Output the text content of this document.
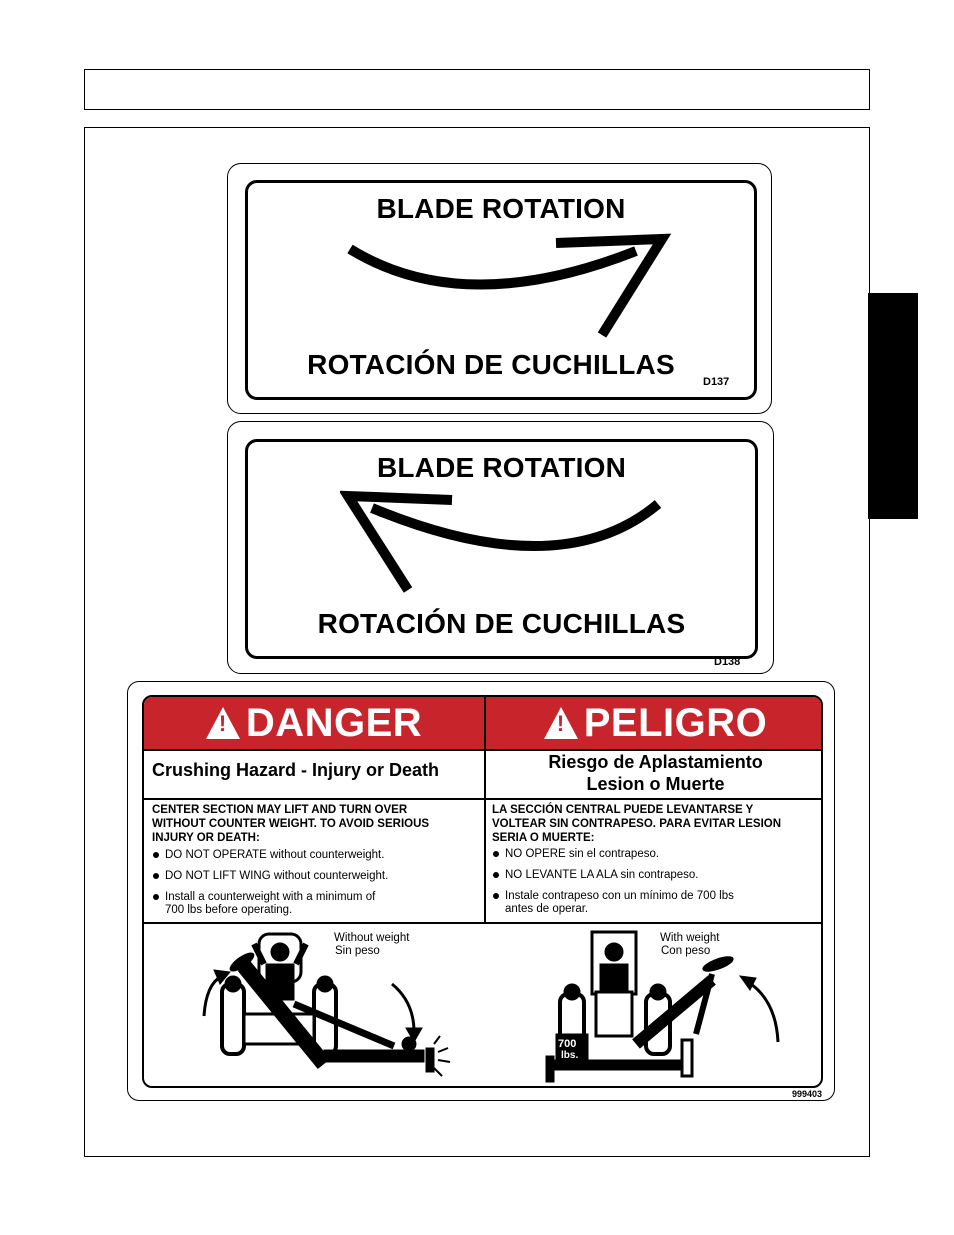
BLADE ROTATION
ROTACIÓN DE CUCHILLAS
D137
BLADE ROTATION
ROTACIÓN DE CUCHILLAS
D138
! DANGER	! PELIGRO
Crushing Hazard - Injury or Death	Riesgo de Aplastamiento
Lesion o Muerte
CENTER SECTION MAY LIFT AND TURN OVER
WITHOUT COUNTER WEIGHT. TO AVOID SERIOUS
INJURY OR DEATH:
DO NOT OPERATE without counterweight.
DO NOT LIFT WING without counterweight.
Install a counterweight with a minimum of
700 lbs before operating.
LA SECCIÓN CENTRAL PUEDE LEVANTARSE Y
VOLTEAR SIN CONTRAPESO. PARA EVITAR LESION
SERIA O MUERTE:
NO OPERE sin el contrapeso.
NO LEVANTE LA ALA sin contrapeso.
Instale contrapeso con un mínimo de 700 lbs
antes de operar.
Without weight
Sin peso
700
lbs.
With weight
Con peso
999403
